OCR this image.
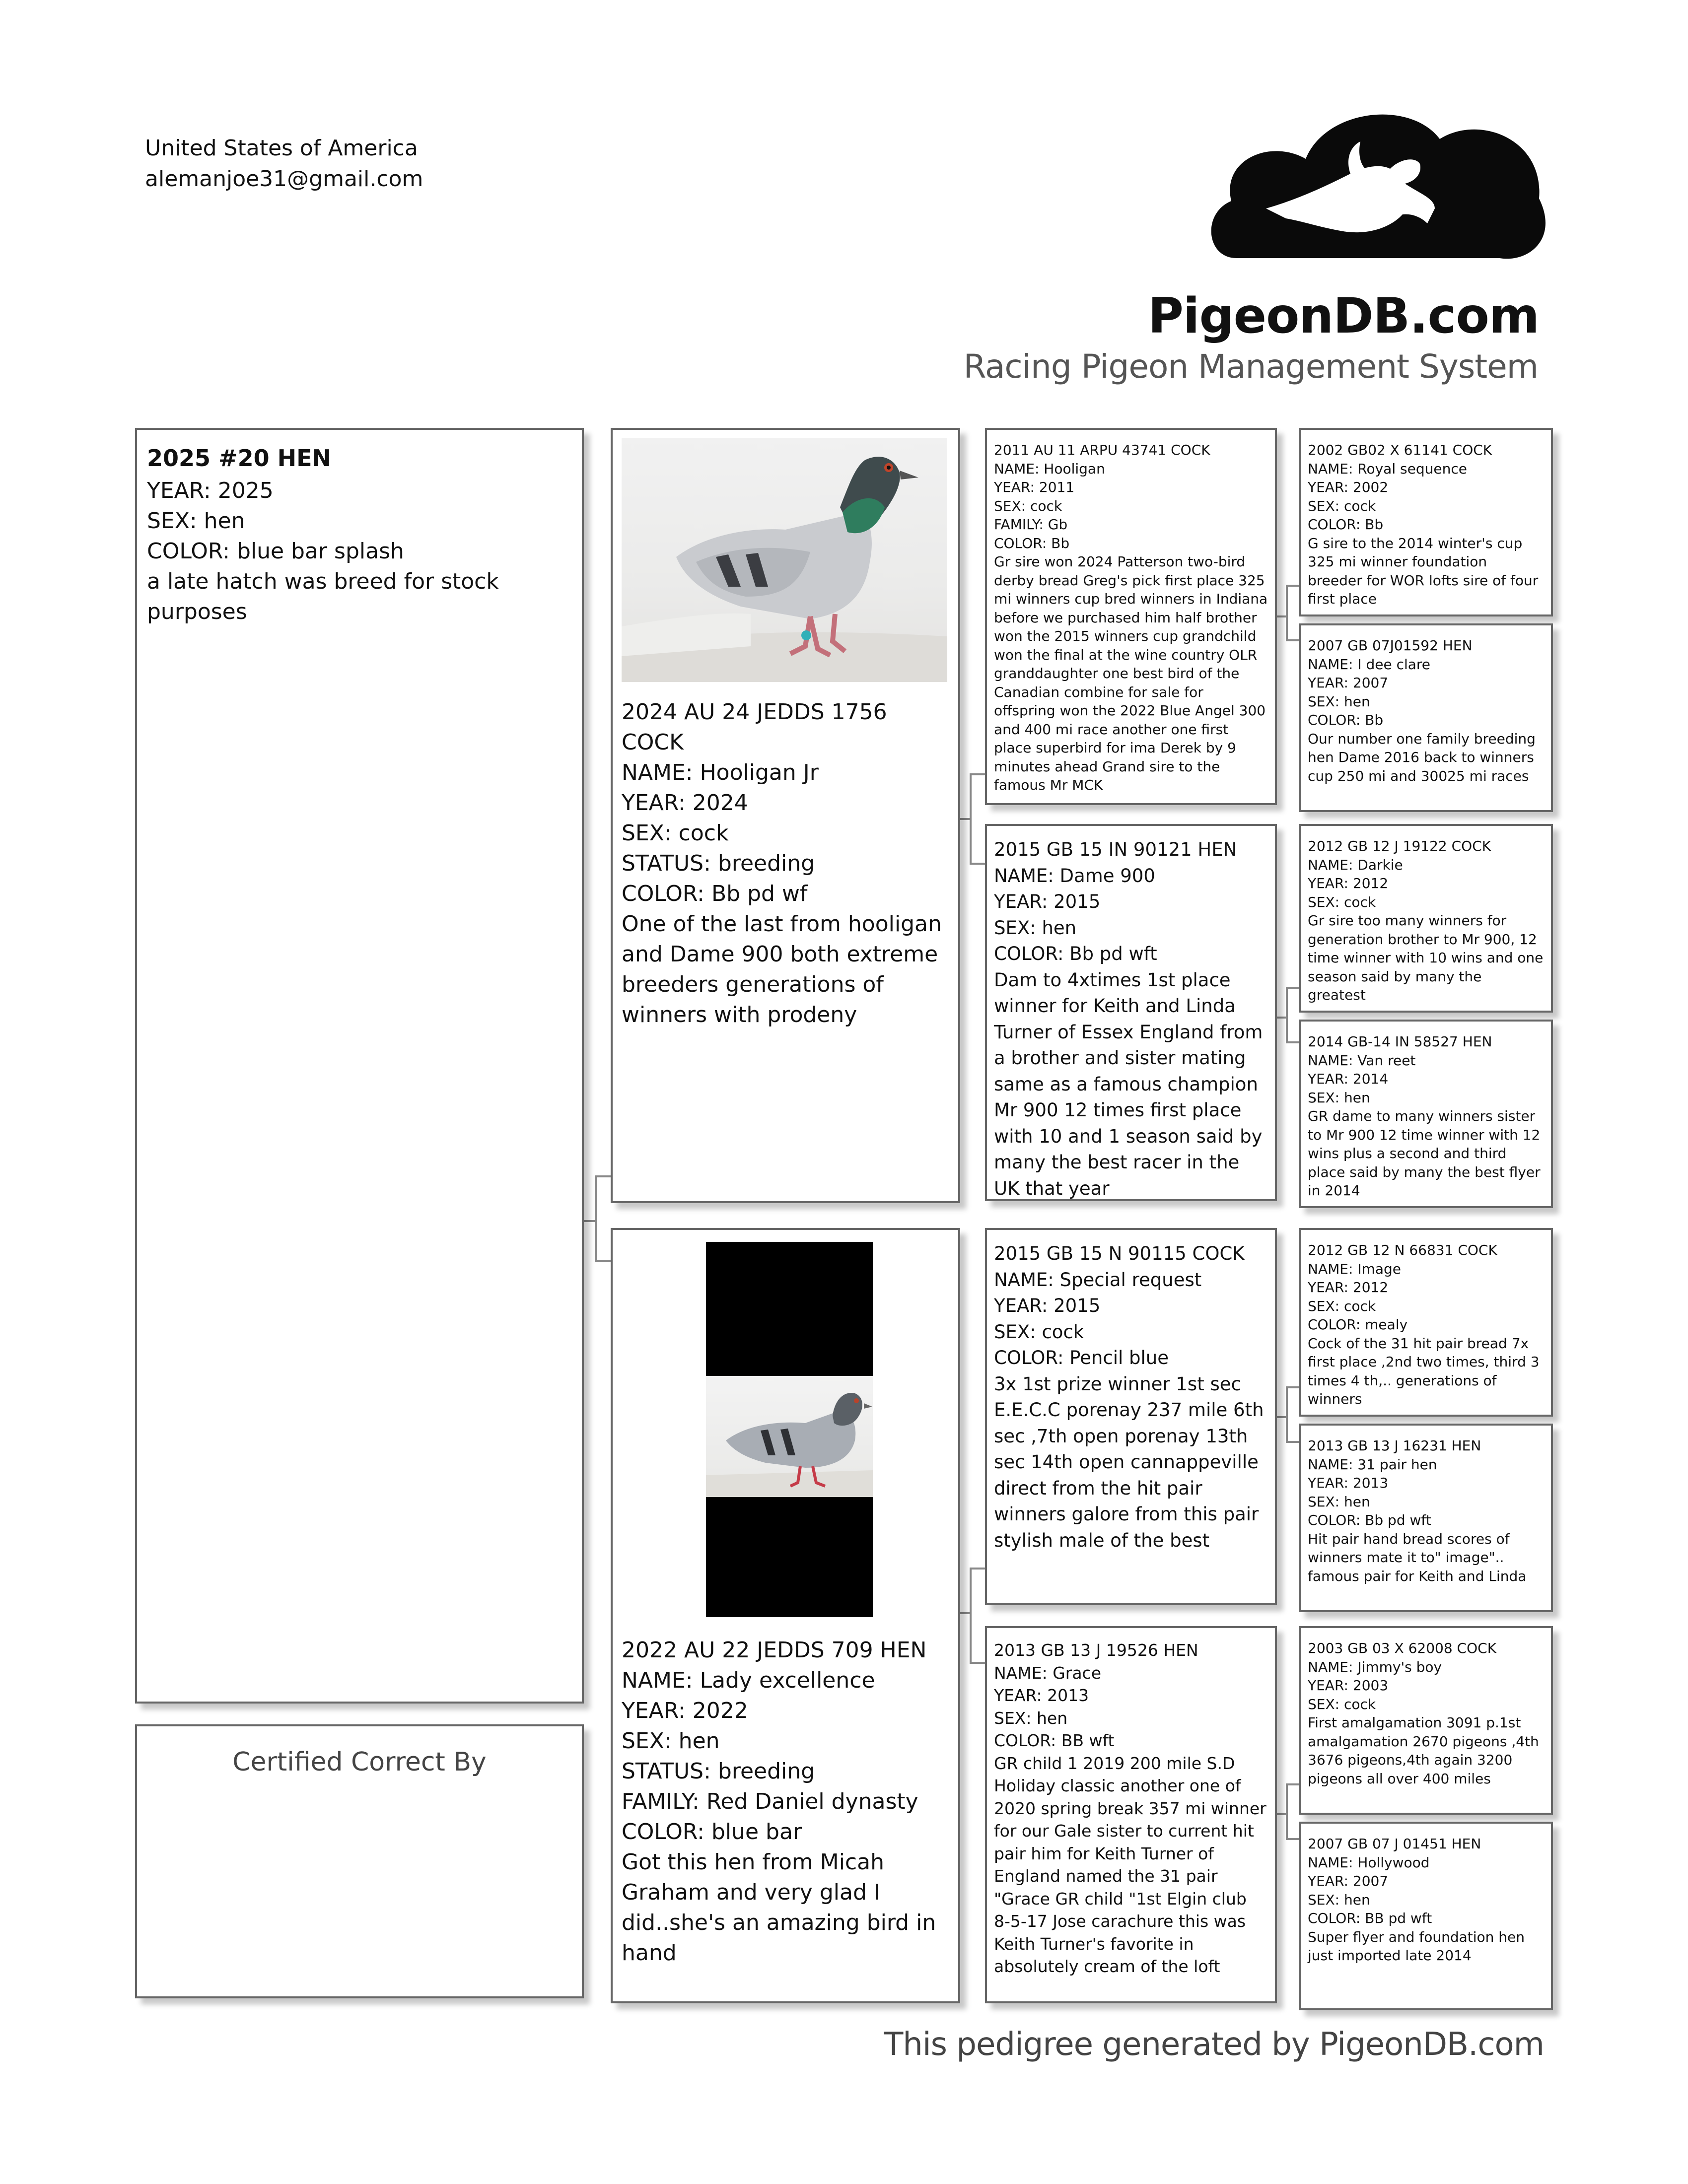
United States of America
alemanjoe31@gmail.com
PigeonDB.com
Racing Pigeon Management System
2025 #20 HEN
YEAR: 2025
SEX: hen
COLOR: blue bar splash
a late hatch was breed for stock purposes
Certified Correct By
2024 AU 24 JEDDS 1756 COCK
NAME: Hooligan Jr
YEAR: 2024
SEX: cock
STATUS: breeding
COLOR: Bb pd wf
One of the last from hooligan and Dame 900 both extreme breeders generations of winners with prodeny
2022 AU 22 JEDDS 709 HEN
NAME: Lady excellence
YEAR: 2022
SEX: hen
STATUS: breeding
FAMILY: Red Daniel dynasty
COLOR: blue bar
Got this hen from Micah Graham and very glad I did..she's an amazing bird in hand
2011 AU 11 ARPU 43741 COCK
NAME: Hooligan
YEAR: 2011
SEX: cock
FAMILY: Gb
COLOR: Bb
Gr sire won 2024 Patterson two-bird derby bread Greg's pick first place 325 mi winners cup bred winners in Indiana before we purchased him half brother won the 2015 winners cup grandchild won the final at the wine country OLR granddaughter one best bird of the Canadian combine for sale for offspring won the 2022 Blue Angel 300 and 400 mi race another one first place superbird for ima Derek by 9 minutes ahead Grand sire to the famous Mr MCK
2015 GB 15 IN 90121 HEN
NAME: Dame 900
YEAR: 2015
SEX: hen
COLOR: Bb pd wft
Dam to 4xtimes 1st place winner for Keith and Linda Turner of Essex England from a brother and sister mating same as a famous champion Mr 900 12 times first place with 10 and 1 season said by many the best racer in the UK that year
2015 GB 15 N 90115 COCK
NAME: Special request
YEAR: 2015
SEX: cock
COLOR: Pencil blue
3x 1st prize winner 1st sec E.E.C.C porenay 237 mile 6th sec ,7th open porenay 13th sec 14th open cannappeville direct from the hit pair winners galore from this pair stylish male of the best
2013 GB 13 J 19526 HEN
NAME: Grace
YEAR: 2013
SEX: hen
COLOR: BB wft
GR child 1 2019 200 mile S.D Holiday classic another one of 2020 spring break 357 mi winner for our Gale sister to current hit pair him for Keith Turner of England named the 31 pair "Grace GR child "1st Elgin club 8-5-17 Jose carachure this was Keith Turner's favorite in absolutely cream of the loft
2002 GB02 X 61141 COCK
NAME: Royal sequence
YEAR: 2002
SEX: cock
COLOR: Bb
G sire to the 2014 winter's cup 325 mi winner foundation breeder for WOR lofts sire of four first place
2007 GB 07J01592 HEN
NAME: I dee clare
YEAR: 2007
SEX: hen
COLOR: Bb
Our number one family breeding hen Dame 2016 back to winners cup 250 mi and 30025 mi races
2012 GB 12 J 19122 COCK
NAME: Darkie
YEAR: 2012
SEX: cock
Gr sire too many winners for generation brother to Mr 900, 12 time winner with 10 wins and one season said by many the greatest
2014 GB-14 IN 58527 HEN
NAME: Van reet
YEAR: 2014
SEX: hen
GR dame to many winners sister to Mr 900 12 time winner with 12 wins plus a second and third place said by many the best flyer in 2014
2012 GB 12 N 66831 COCK
NAME: Image
YEAR: 2012
SEX: cock
COLOR: mealy
Cock of the 31 hit pair bread 7x first place ,2nd two times, third 3 times 4 th,.. generations of winners
2013 GB 13 J 16231 HEN
NAME: 31 pair hen
YEAR: 2013
SEX: hen
COLOR: Bb pd wft
Hit pair hand bread scores of winners mate it to" image".. famous pair for Keith and Linda
2003 GB 03 X 62008 COCK
NAME: Jimmy's boy
YEAR: 2003
SEX: cock
First amalgamation 3091 p.1st amalgamation 2670 pigeons ,4th 3676 pigeons,4th again 3200 pigeons all over 400 miles
2007 GB 07 J 01451 HEN
NAME: Hollywood
YEAR: 2007
SEX: hen
COLOR: BB pd wft
Super flyer and foundation hen just imported late 2014
This pedigree generated by PigeonDB.com
